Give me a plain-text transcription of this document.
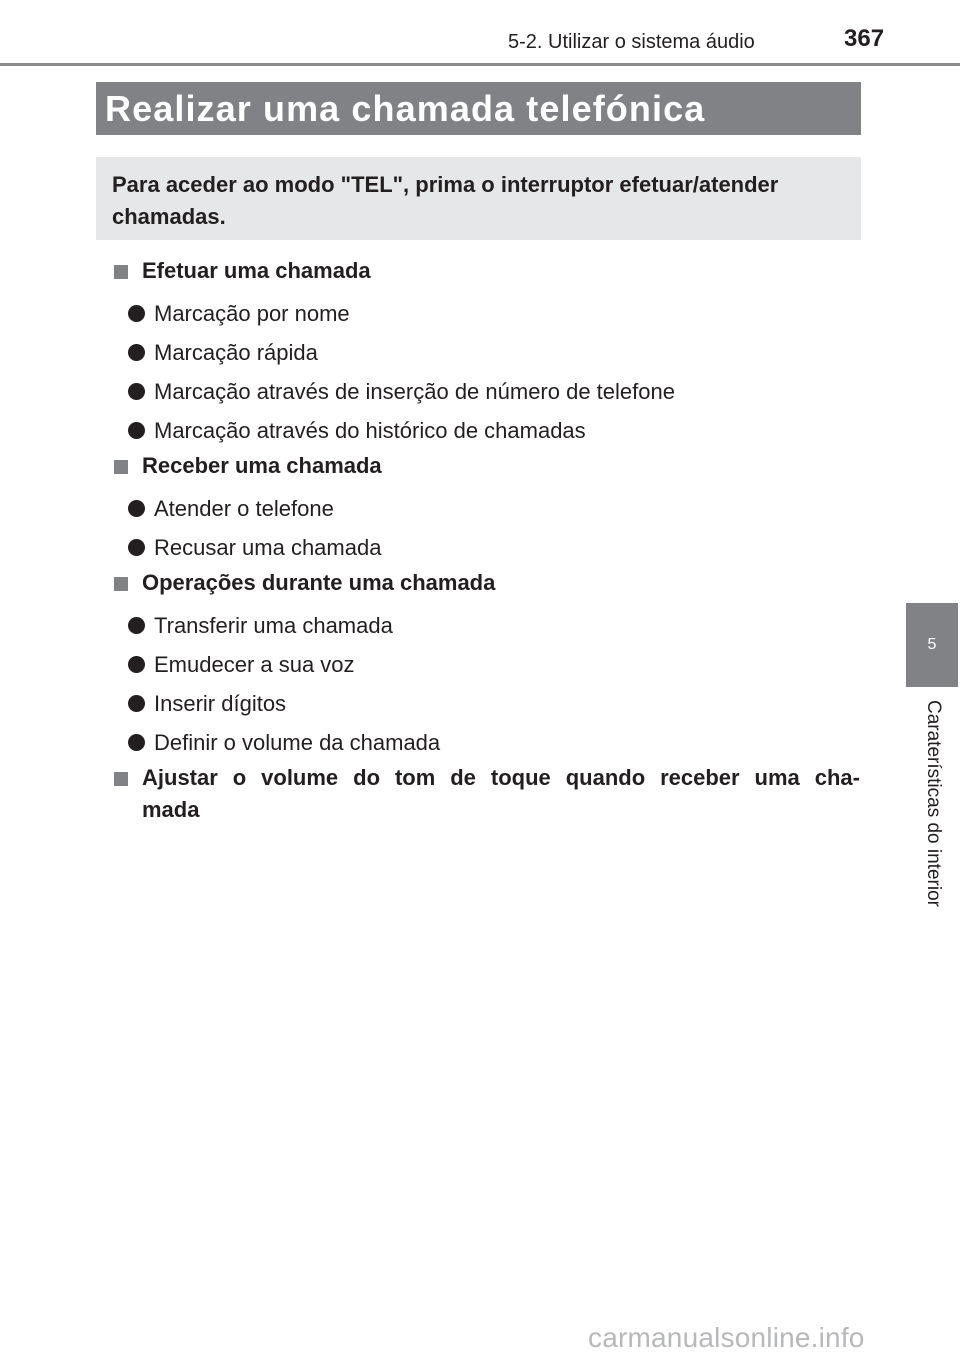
5-2. Utilizar o sistema áudio	367
Realizar uma chamada telefónica
Para aceder ao modo "TEL", prima o interruptor efetuar/atender chamadas.
Efetuar uma chamada
Marcação por nome
Marcação rápida
Marcação através de inserção de número de telefone
Marcação através do histórico de chamadas
Receber uma chamada
Atender o telefone
Recusar uma chamada
Operações durante uma chamada
Transferir uma chamada
Emudecer a sua voz
Inserir dígitos
Definir o volume da chamada
Ajustar o volume do tom de toque quando receber uma cha-mada
5
Caraterísticas do interior
carmanualsonline.info
